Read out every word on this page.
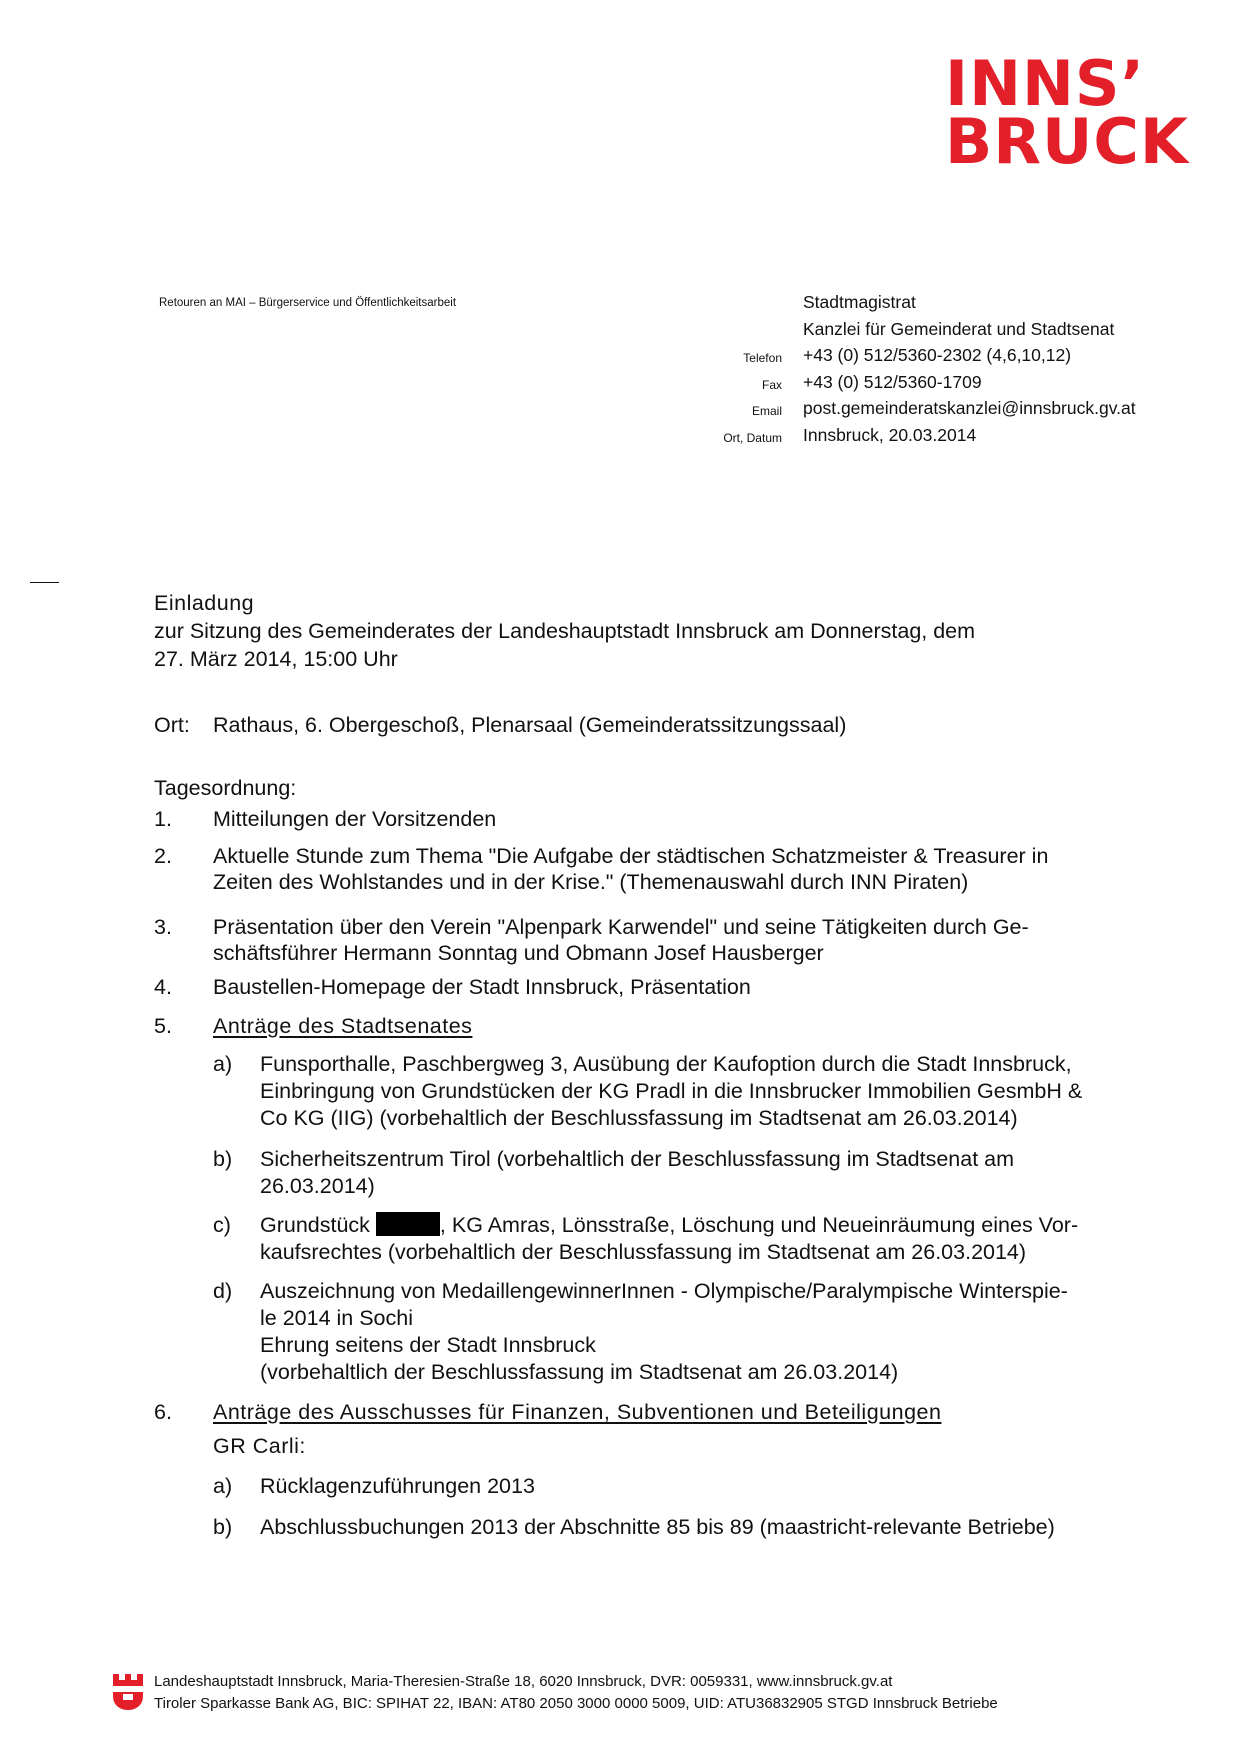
INNS’
BRUCK
Retouren an MAI – Bürgerservice und Öffentlichkeitsarbeit	Stadtmagistrat
Kanzlei für Gemeinderat und Stadtsenat
Telefon +43 (0) 512/5360-2302 (4,6,10,12)
Fax +43 (0) 512/5360-1709
Email post.gemeinderatskanzlei@innsbruck.gv.at
Ort, Datum Innsbruck, 20.03.2014
Einladung
zur Sitzung des Gemeinderates der Landeshauptstadt Innsbruck am Donnerstag, dem
27. März 2014, 15:00 Uhr
Ort: Rathaus, 6. Obergeschoß, Plenarsaal (Gemeinderatssitzungssaal)
Tagesordnung:
1. Mitteilungen der Vorsitzenden
2. Aktuelle Stunde zum Thema "Die Aufgabe der städtischen Schatzmeister & Treasurer in
Zeiten des Wohlstandes und in der Krise." (Themenauswahl durch INN Piraten)
3. Präsentation über den Verein "Alpenpark Karwendel" und seine Tätigkeiten durch Ge-
schäftsführer Hermann Sonntag und Obmann Josef Hausberger
4. Baustellen-Homepage der Stadt Innsbruck, Präsentation
5. Anträge des Stadtsenates
a) Funsporthalle, Paschbergweg 3, Ausübung der Kaufoption durch die Stadt Innsbruck,
Einbringung von Grundstücken der KG Pradl in die Innsbrucker Immobilien GesmbH &
Co KG (IIG) (vorbehaltlich der Beschlussfassung im Stadtsenat am 26.03.2014)
b) Sicherheitszentrum Tirol (vorbehaltlich der Beschlussfassung im Stadtsenat am
26.03.2014)
c) Grundstück	, KG Amras, Lönsstraße, Löschung und Neueinräumung eines Vor-
kaufsrechtes (vorbehaltlich der Beschlussfassung im Stadtsenat am 26.03.2014)
d) Auszeichnung von MedaillengewinnerInnen - Olympische/Paralympische Winterspie-
le 2014 in Sochi
Ehrung seitens der Stadt Innsbruck
(vorbehaltlich der Beschlussfassung im Stadtsenat am 26.03.2014)
6. Anträge des Ausschusses für Finanzen, Subventionen und Beteiligungen
GR Carli:
a) Rücklagenzuführungen 2013
b) Abschlussbuchungen 2013 der Abschnitte 85 bis 89 (maastricht-relevante Betriebe)
Landeshauptstadt Innsbruck, Maria-Theresien-Straße 18, 6020 Innsbruck, DVR: 0059331, www.innsbruck.gv.at
Tiroler Sparkasse Bank AG, BIC: SPIHAT 22, IBAN: AT80 2050 3000 0000 5009, UID: ATU36832905 STGD Innsbruck Betriebe
